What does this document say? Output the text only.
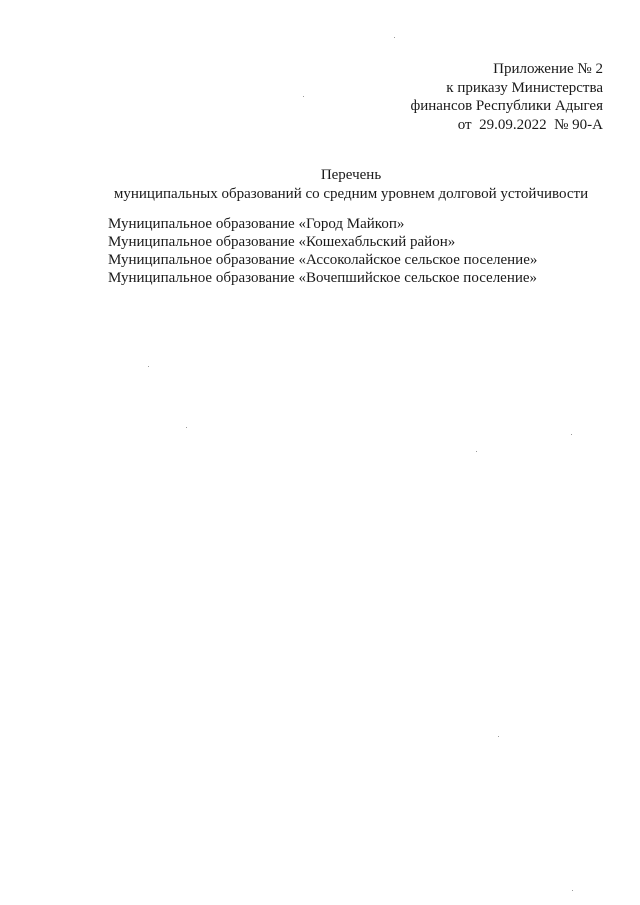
Приложение № 2
к приказу Министерства
финансов Республики Адыгея
от  29.09.2022  № 90-А
Перечень
муниципальных образований со средним уровнем долговой устойчивости
Муниципальное образование «Город Майкоп»
Муниципальное образование «Кошехабльский район»
Муниципальное образование «Ассоколайское сельское поселение»
Муниципальное образование «Вочепшийское сельское поселение»
